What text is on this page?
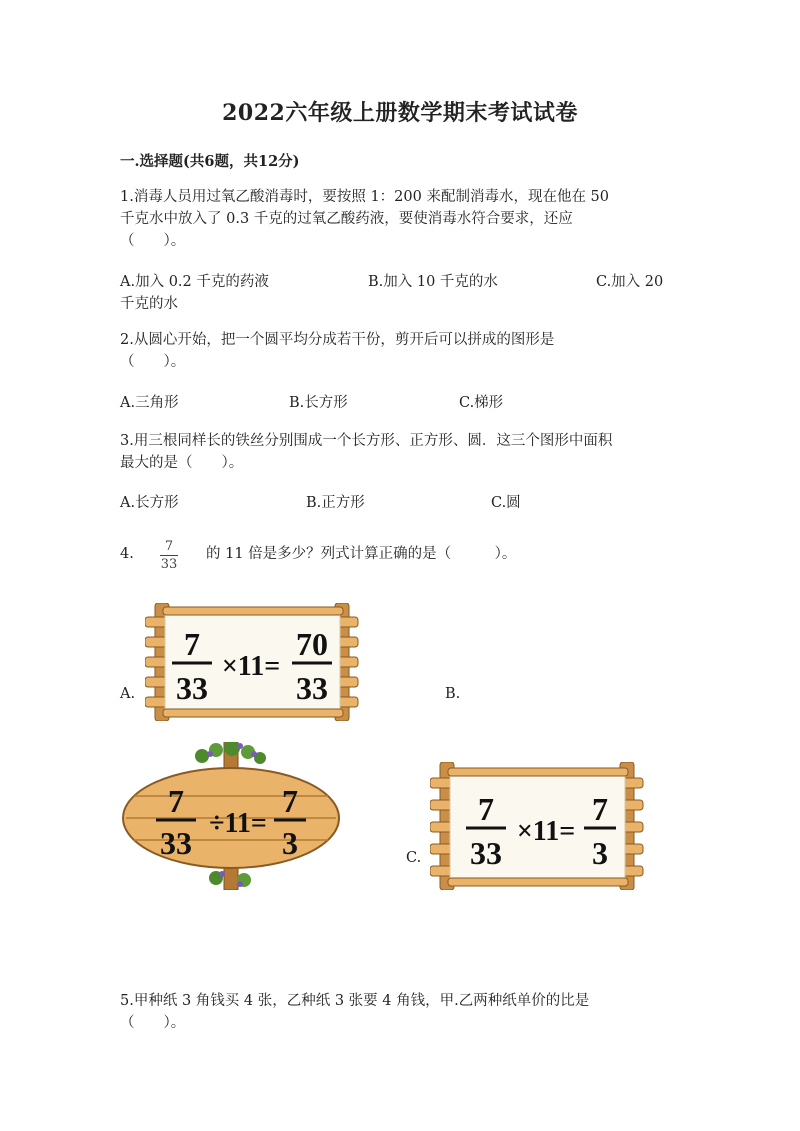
2022六年级上册数学期末考试试卷
一.选择题(共6题，共12分)
1.消毒人员用过氧乙酸消毒时，要按照 1：200 来配制消毒水，现在他在 50
千克水中放入了 0.3 千克的过氧乙酸药液，要使消毒水符合要求，还应
（　　）。
A.加入 0.2 千克的药液	B.加入 10 千克的水	C.加入 20
千克的水
2.从圆心开始，把一个圆平均分成若干份，剪开后可以拼成的图形是
（　　）。
A.三角形	B.长方形	C.梯形
3.用三根同样长的铁丝分别围成一个长方形、正方形、圆．这三个图形中面积
最大的是（　　）。
A.长方形	B.正方形	C.圆
4. 7
33
的 11 倍是多少？列式计算正确的是（　　　）。
A.	B.
C.
7
33
×11=
70
33
7
33
÷11=
7
3
7
33
×11=
7
3
5.甲种纸 3 角钱买 4 张，乙种纸 3 张要 4 角钱，甲.乙两种纸单价的比是
（　　）。
